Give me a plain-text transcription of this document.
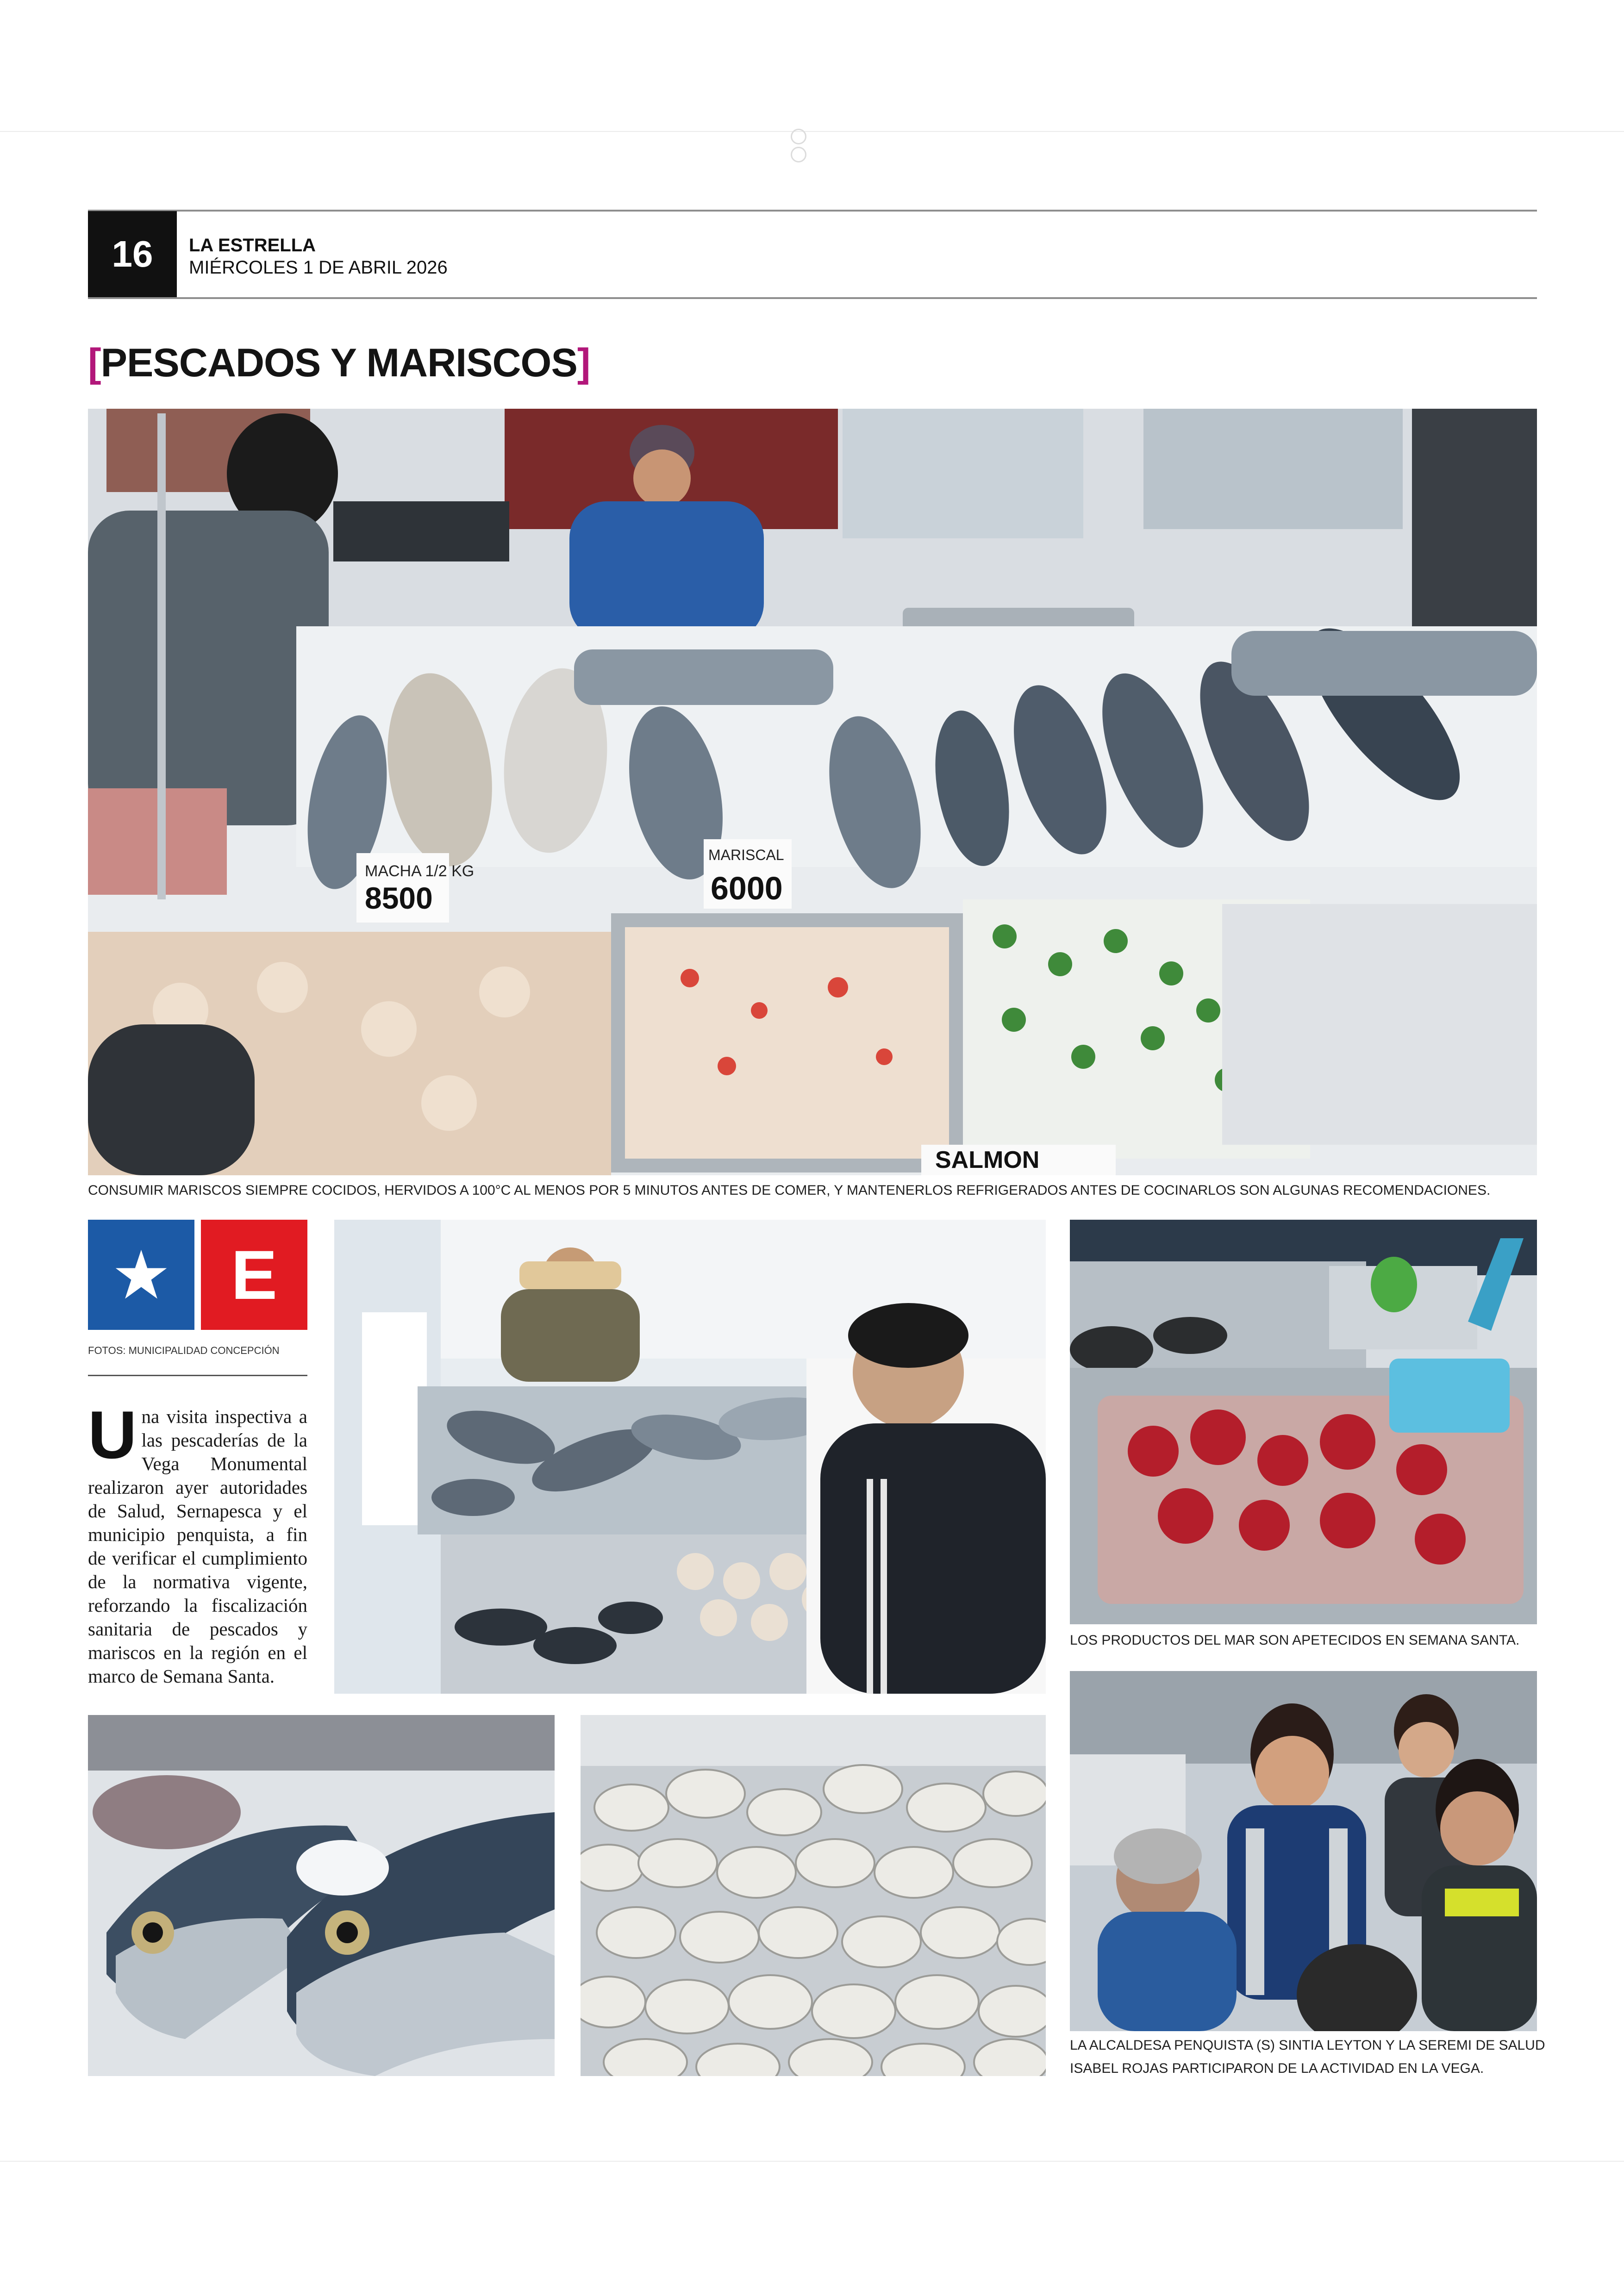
16	LA ESTRELLA
MIÉRCOLES 1 DE ABRIL 2026
[PESCADOS Y MARISCOS]
MACHA 1/2 KG
8500
MARISCAL
6000
SALMON
CONSUMIR MARISCOS SIEMPRE COCIDOS, HERVIDOS A 100°C AL MENOS POR 5 MINUTOS ANTES DE COMER, Y MANTENERLOS REFRIGERADOS ANTES DE COCINARLOS SON ALGUNAS RECOMENDACIONES.
E
FOTOS: MUNICIPALIDAD CONCEPCIÓN
Una visita inspectiva a las pescaderías de la Vega Monumental realizaron ayer autoridades de Salud, Sernapesca y el municipio penquista, a fin de verificar el cumplimiento de la normativa vigente, reforzando la fiscalización sanitaria de pescados y mariscos en la región en el marco de Semana Santa.
LOS PRODUCTOS DEL MAR SON APETECIDOS EN SEMANA SANTA.
LA ALCALDESA PENQUISTA (S) SINTIA LEYTON Y LA SEREMI DE SALUD
ISABEL ROJAS PARTICIPARON DE LA ACTIVIDAD EN LA VEGA.
